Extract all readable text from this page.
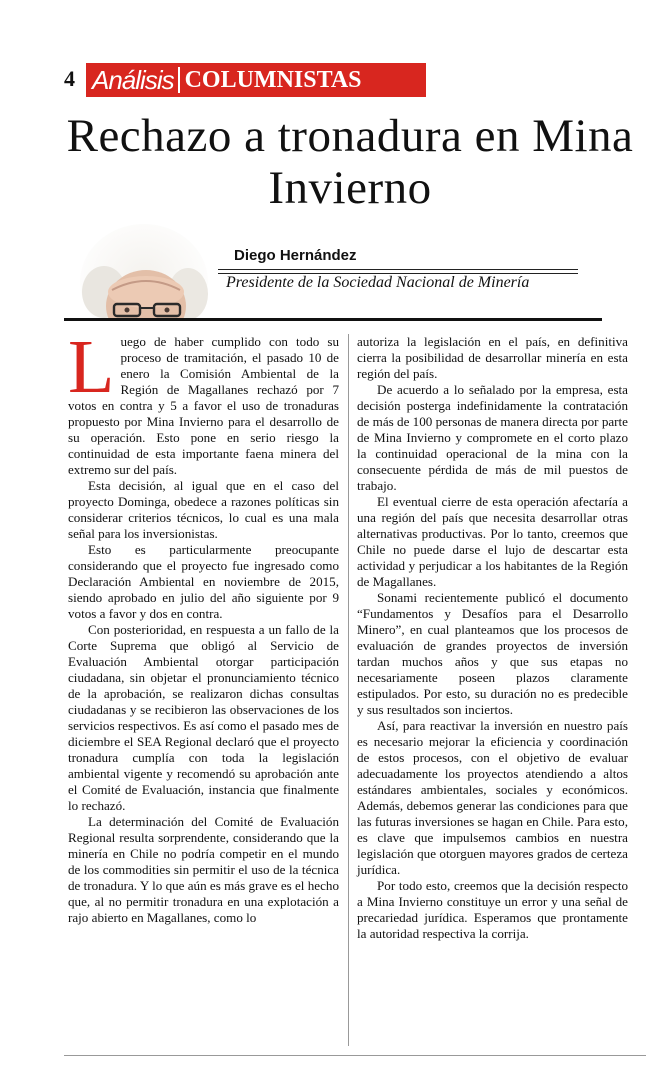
4 Análisis COLUMNISTAS
Rechazo a tronadura en Mina Invierno
Diego Hernández
Presidente de la Sociedad Nacional de Minería

Luego de haber cumplido con todo su proceso de tramitación, el pasado 10 de enero la Comisión Ambiental de la Región de Magallanes rechazó por 7 votos en contra y 5 a favor el uso de tronaduras propuesto por Mina Invierno para el desarrollo de su operación. Esto pone en serio riesgo la continuidad de esta importante faena minera del extremo sur del país.

Esta decisión, al igual que en el caso del proyecto Dominga, obedece a razones políticas sin considerar criterios técnicos, lo cual es una mala señal para los inversionistas.

Esto es particularmente preocupante considerando que el proyecto fue ingresado como Declaración Ambiental en noviembre de 2015, siendo aprobado en julio del año siguiente por 9 votos a favor y dos en contra.

Con posterioridad, en respuesta a un fallo de la Corte Suprema que obligó al Servicio de Evaluación Ambiental otorgar participación ciudadana, sin objetar el pronunciamiento técnico de la aprobación, se realizaron dichas consultas ciudadanas y se recibieron las observaciones de los servicios respectivos. Es así como el pasado mes de diciembre el SEA Regional declaró que el proyecto tronadura cumplía con toda la legislación ambiental vigente y recomendó su aprobación ante el Comité de Evaluación, instancia que finalmente lo rechazó.

La determinación del Comité de Evaluación Regional resulta sorprendente, considerando que la minería en Chile no podría competir en el mundo de los commodities sin permitir el uso de la técnica de tronadura. Y lo que aún es más grave es el hecho que, al no permitir tronadura en una explotación a rajo abierto en Magallanes, como lo

autoriza la legislación en el país, en definitiva cierra la posibilidad de desarrollar minería en esta región del país.

De acuerdo a lo señalado por la empresa, esta decisión posterga indefinidamente la contratación de más de 100 personas de manera directa por parte de Mina Invierno y compromete en el corto plazo la continuidad operacional de la mina con la consecuente pérdida de más de mil puestos de trabajo.

El eventual cierre de esta operación afectaría a una región del país que necesita desarrollar otras alternativas productivas. Por lo tanto, creemos que Chile no puede darse el lujo de descartar esta actividad y perjudicar a los habitantes de la Región de Magallanes.

Sonami recientemente publicó el documento “Fundamentos y Desafíos para el Desarrollo Minero”, en cual planteamos que los procesos de evaluación de grandes proyectos de inversión tardan muchos años y que sus etapas no necesariamente poseen plazos claramente estipulados. Por esto, su duración no es predecible y sus resultados son inciertos.

Así, para reactivar la inversión en nuestro país es necesario mejorar la eficiencia y coordinación de estos procesos, con el objetivo de evaluar adecuadamente los proyectos atendiendo a altos estándares ambientales, sociales y económicos. Además, debemos generar las condiciones para que las futuras inversiones se hagan en Chile. Para esto, es clave que impulsemos cambios en nuestra legislación que otorguen mayores grados de certeza jurídica.

Por todo esto, creemos que la decisión respecto a Mina Invierno constituye un error y una señal de precariedad jurídica. Esperamos que prontamente la autoridad respectiva la corrija.
